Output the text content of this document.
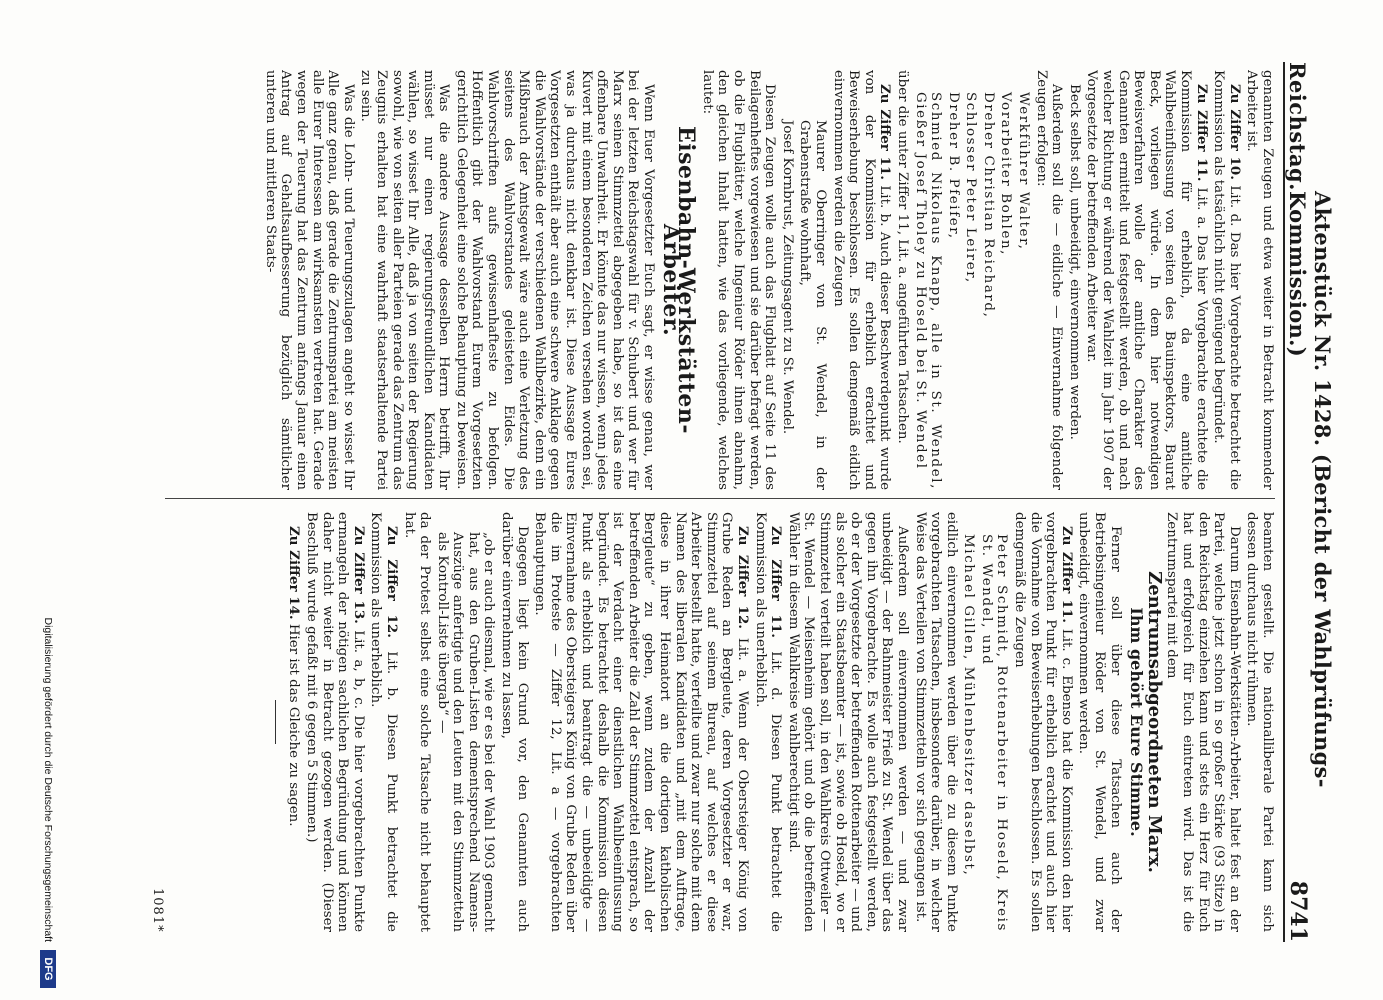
Reichstag.
Aktenstück Nr. 1428. (Bericht der Wahlprüfungs-Kommission.)
8741

genannten Zeugen und etwa weiter in Betracht kommender Arbeiter ist.

Zu Ziffer 10. Lit. d. Das hier Vorgebrachte betrachtet die Kommission als tatsächlich nicht genügend begründet.

Zu Ziffer 11. Lit. a. Das hier Vorgebrachte erachtete die Kommission für erheblich, da eine amtliche Wahlbeeinflussung von seiten des Bauinspektors, Baurat Beck, vorliegen würde. In dem hier notwendigen Beweisverfahren wolle der amtliche Charakter des Genannten ermittelt und festgestellt werden, ob und nach welcher Richtung er während der Wahlzeit im Jahr 1907 der Vorgesetzte der betreffenden Arbeiter war.

Beck selbst soll, unbeeidigt, einvernommen werden.

Außerdem soll die — eidliche — Einvernahme folgender Zeugen erfolgen:

Werkführer Walter,
Vorarbeiter Bohlen,
Dreher Christian Reichard,
Schlosser Peter Leirer,
Dreher B. Pfeifer,
Schmied Nikolaus Knapp, alle in St. Wendel, Gießer Josef Tholey zu Hoseld bei St. Wendel

über die unter Ziffer 11, Lit. a. angeführten Tatsachen.

Zu Ziffer 11. Lit. b. Auch dieser Beschwerdepunkt wurde von der Kommission für erheblich erachtet und Beweiserhebung beschlossen. Es sollen demgemäß eidlich einvernommen werden die Zeugen

Maurer Oberringer von St. Wendel, in der Grabenstraße wohnhaft,
Josef Kornbrust, Zeitungsagent zu St. Wendel.

Diesen Zeugen wolle auch das Flugblatt auf Seite 11 des Beilagenheftes vorgewiesen und sie darüber befragt werden, ob die Flugblätter, welche Ingenieur Röder ihnen abnahm, den gleichen Inhalt hatten, wie das vorliegende, welches lautet:

Eisenbahn-Werkstätten-Arbeiter.

Wenn Euer Vorgesetzter Euch sagt, er wisse genau, wer bei der letzten Reichstagswahl für v. Schubert und wer für Marx seinen Stimmzettel abgegeben habe, so ist das eine offenbare Unwahrheit. Er könnte das nur wissen, wenn jedes Kuvert mit einem besonderen Zeichen versehen worden sei, was ja durchaus nicht denkbar ist. Diese Aussage Eures Vorgesetzten enthält aber auch eine schwere Anklage gegen die Wahlvorstände der verschiedenen Wahlbezirke, denn ein Mißbrauch der Amtsgewalt wäre auch eine Verletzung des seitens des Wahlvorstandes geleisteten Eides. Die Wahlvorschriften aufs gewissenhafteste zu befolgen. Hoffentlich gibt der Wahlvorstand Eurem Vorgesetzten gerichtlich Gelegenheit eine solche Behauptung zu beweisen.

Was die andere Aussage desselben Herrn betrifft, Ihr müsset nur einen regierungsfreundlichen Kandidaten wählen, so wisset Ihr Alle, daß ja von seiten der Regierung sowohl, wie von seiten aller Parteien gerade das Zentrum das Zeugnis erhalten hat eine wahrhaft staatserhaltende Partei zu sein.

Was die Lohn- und Teuerungszulagen angeht so wisset Ihr Alle ganz genau, daß gerade die Zentrumspartei am meisten alle Eurer Interessen am wirksamsten vertreten hat. Gerade wegen der Teuerung hat das Zentrum anfangs Januar einen Antrag auf Gehaltsaufbesserung bezüglich sämtlicher unteren und mittleren Staats-

beamten gestellt. Die nationalliberale Partei kann sich dessen durchaus nicht rühmen.

Darum Eisenbahn-Werkstätten-Arbeiter, haltet fest an der Partei, welche jetzt schon in so großer Stärke (93 Sitze) in den Reichstag einziehen kann und stets ein Herz für Euch hat und erfolgreich für Euch eintreten wird. Das ist die Zentrumspartei mit dem

Zentrumsabgeordneten Marx.
Ihm gehört Eure Stimme.

Ferner soll über diese Tatsachen auch der Betriebsingenieur Röder von St. Wendel, und zwar unbeeidigt, einvernommen werden.

Zu Ziffer 11. Lit. c. Ebenso hat die Kommission den hier vorgebrachten Punkt für erheblich erachtet und auch hier die Vornahme von Beweiserhebungen beschlossen. Es sollen demgemäß die Zeugen

Peter Schmidt, Rottenarbeiter in Hoseld, Kreis St. Wendel, und
Michael Gillen, Mühlenbesitzer daselbst,

eidlich einvernommen werden über die zu diesem Punkte vorgebrachten Tatsachen, insbesondere darüber, in welcher Weise das Verteilen von Stimmzetteln vor sich gegangen ist.

Außerdem soll einvernommen werden — und zwar unbeeidigt — der Bahnmeister Frieß zu St. Wendel über das gegen ihn Vorgebrachte. Es wolle auch festgestellt werden, ob er der Vorgesetzte der betreffenden Rottenarbeiter — und als solcher ein Staatsbeamter — ist, sowie ob Hoseld, wo er Stimmzettel verteilt haben soll, in den Wahlkreis Ottweiler — St. Wendel — Meisenheim gehört und ob die betreffenden Wähler in diesem Wahlkreise wahlberechtigt sind.

Zu Ziffer 11. Lit. d. Diesen Punkt betrachtet die Kommission als unerheblich.

Zu Ziffer 12. Lit. a. Wenn der Obersteiger König von Grube Reden an Bergleute, deren Vorgesetzter er war, Stimmzettel auf seinem Bureau, auf welches er diese Arbeiter bestellt hatte, verteilte und zwar nur solche mit dem Namen des liberalen Kandidaten und „mit dem Auftrage, diese in ihrer Heimatort an die dortigen katholischen Bergleute“ zu geben, wenn zudem der Anzahl der betreffenden Arbeiter die Zahl der Stimmzettel entsprach, so ist der Verdacht einer dienstlichen Wahlbeeinflussung begründet. Es betrachtet deshalb die Kommission diesen Punkt als erheblich und beantragt die — unbeeidigte — Einvernahme des Obersteigers König von Grube Reden über die im Proteste — Ziffer 12, Lit. a — vorgebrachten Behauptungen.

Dagegen liegt kein Grund vor, den Genannten auch darüber einvernehmen zu lassen,

„ob er auch diesmal, wie er es bei der Wahl 1903 gemacht hat, aus den Gruben-Listen dementsprechend Namens-Auszüge anfertigte und den Leuten mit den Stimmzetteln als Kontroll-Liste übergab“ —

da der Protest selbst eine solche Tatsache nicht behauptet hat.

Zu Ziffer 12. Lit. b. Diesen Punkt betrachtet die Kommission als unerheblich.

Zu Ziffer 13. Lit. a, b, c. Die hier vorgebrachten Punkte ermangeln der nötigen sachlichen Begründung und können daher nicht weiter in Betracht gezogen werden. (Dieser Beschluß wurde gefaßt mit 6 gegen 5 Stimmen.)

Zu Ziffer 14. Hier ist das Gleiche zu sagen.

1081*
Digitalisierung gefördert durch die Deutsche Forschungsgemeinschaft
DFG
